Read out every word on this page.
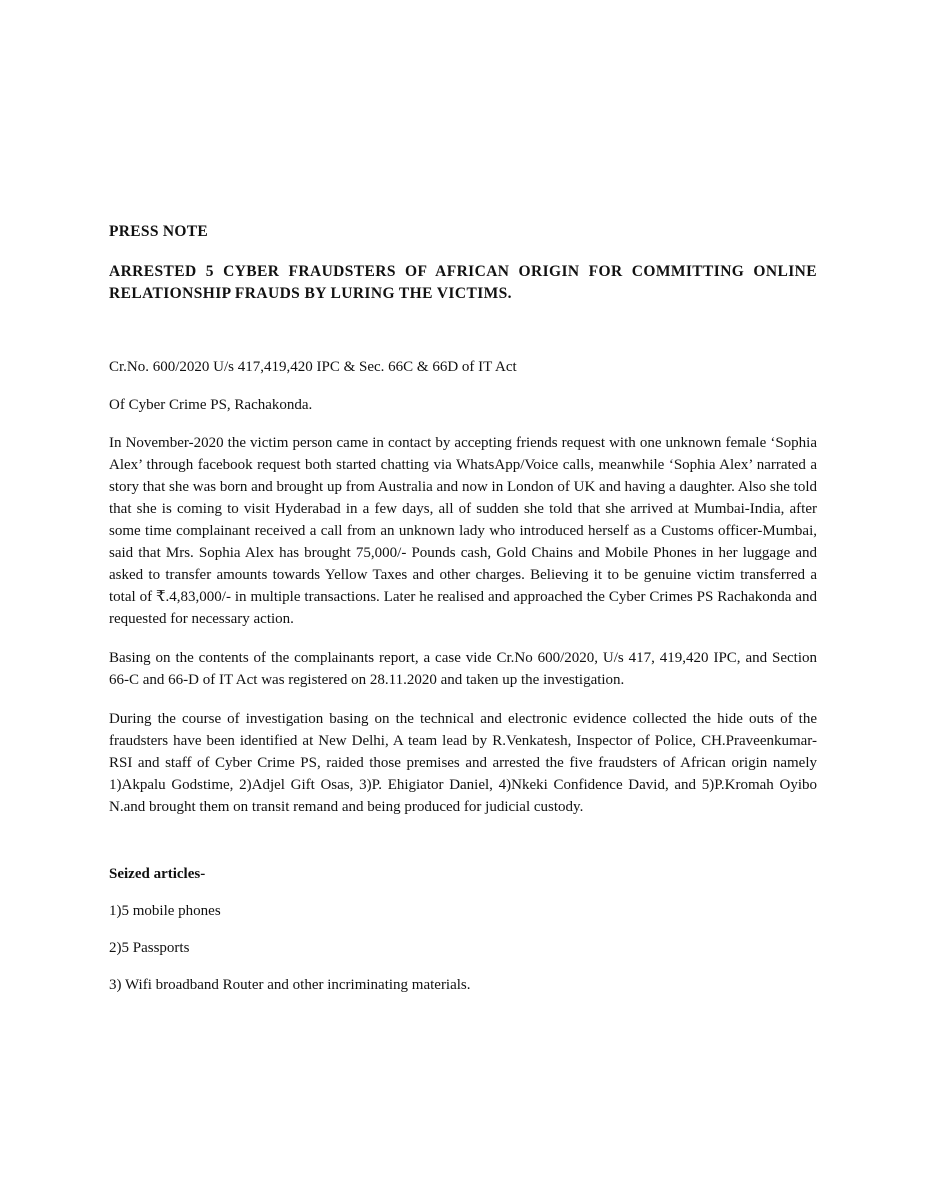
PRESS NOTE

ARRESTED 5 CYBER FRAUDSTERS OF AFRICAN ORIGIN FOR COMMITTING ONLINE RELATIONSHIP FRAUDS BY LURING THE VICTIMS.

Cr.No. 600/2020 U/s 417,419,420 IPC & Sec. 66C & 66D of IT Act

Of Cyber Crime PS, Rachakonda.

In November-2020 the victim person came in contact by accepting friends request with one unknown female ‘Sophia Alex’ through facebook request both started chatting via WhatsApp/Voice calls, meanwhile ‘Sophia Alex’ narrated a story that she was born and brought up from Australia and now in London of UK and having a daughter. Also she told that she is coming to visit Hyderabad in a few days, all of sudden she told that she arrived at Mumbai-India, after some time complainant received a call from an unknown lady who introduced herself as a Customs officer-Mumbai, said that Mrs. Sophia Alex has brought 75,000/- Pounds cash, Gold Chains and Mobile Phones in her luggage and asked to transfer amounts towards Yellow Taxes and other charges. Believing it to be genuine victim transferred a total of ₹.4,83,000/- in multiple transactions. Later he realised and approached the Cyber Crimes PS Rachakonda and requested for necessary action.

Basing on the contents of the complainants report, a case vide Cr.No 600/2020, U/s 417, 419,420 IPC, and Section 66-C and 66-D of IT Act was registered on 28.11.2020 and taken up the investigation.

During the course of investigation basing on the technical and electronic evidence collected the hide outs of the fraudsters have been identified at New Delhi, A team lead by R.Venkatesh, Inspector of Police, CH.Praveenkumar-RSI and staff of Cyber Crime PS, raided those premises and arrested the five fraudsters of African origin namely 1)Akpalu Godstime, 2)Adjel Gift Osas, 3)P. Ehigiator Daniel, 4)Nkeki Confidence David, and 5)P.Kromah Oyibo N.and brought them on transit remand and being produced for judicial custody.

Seized articles-

1)5 mobile phones
2)5 Passports
3) Wifi broadband Router and other incriminating materials.
